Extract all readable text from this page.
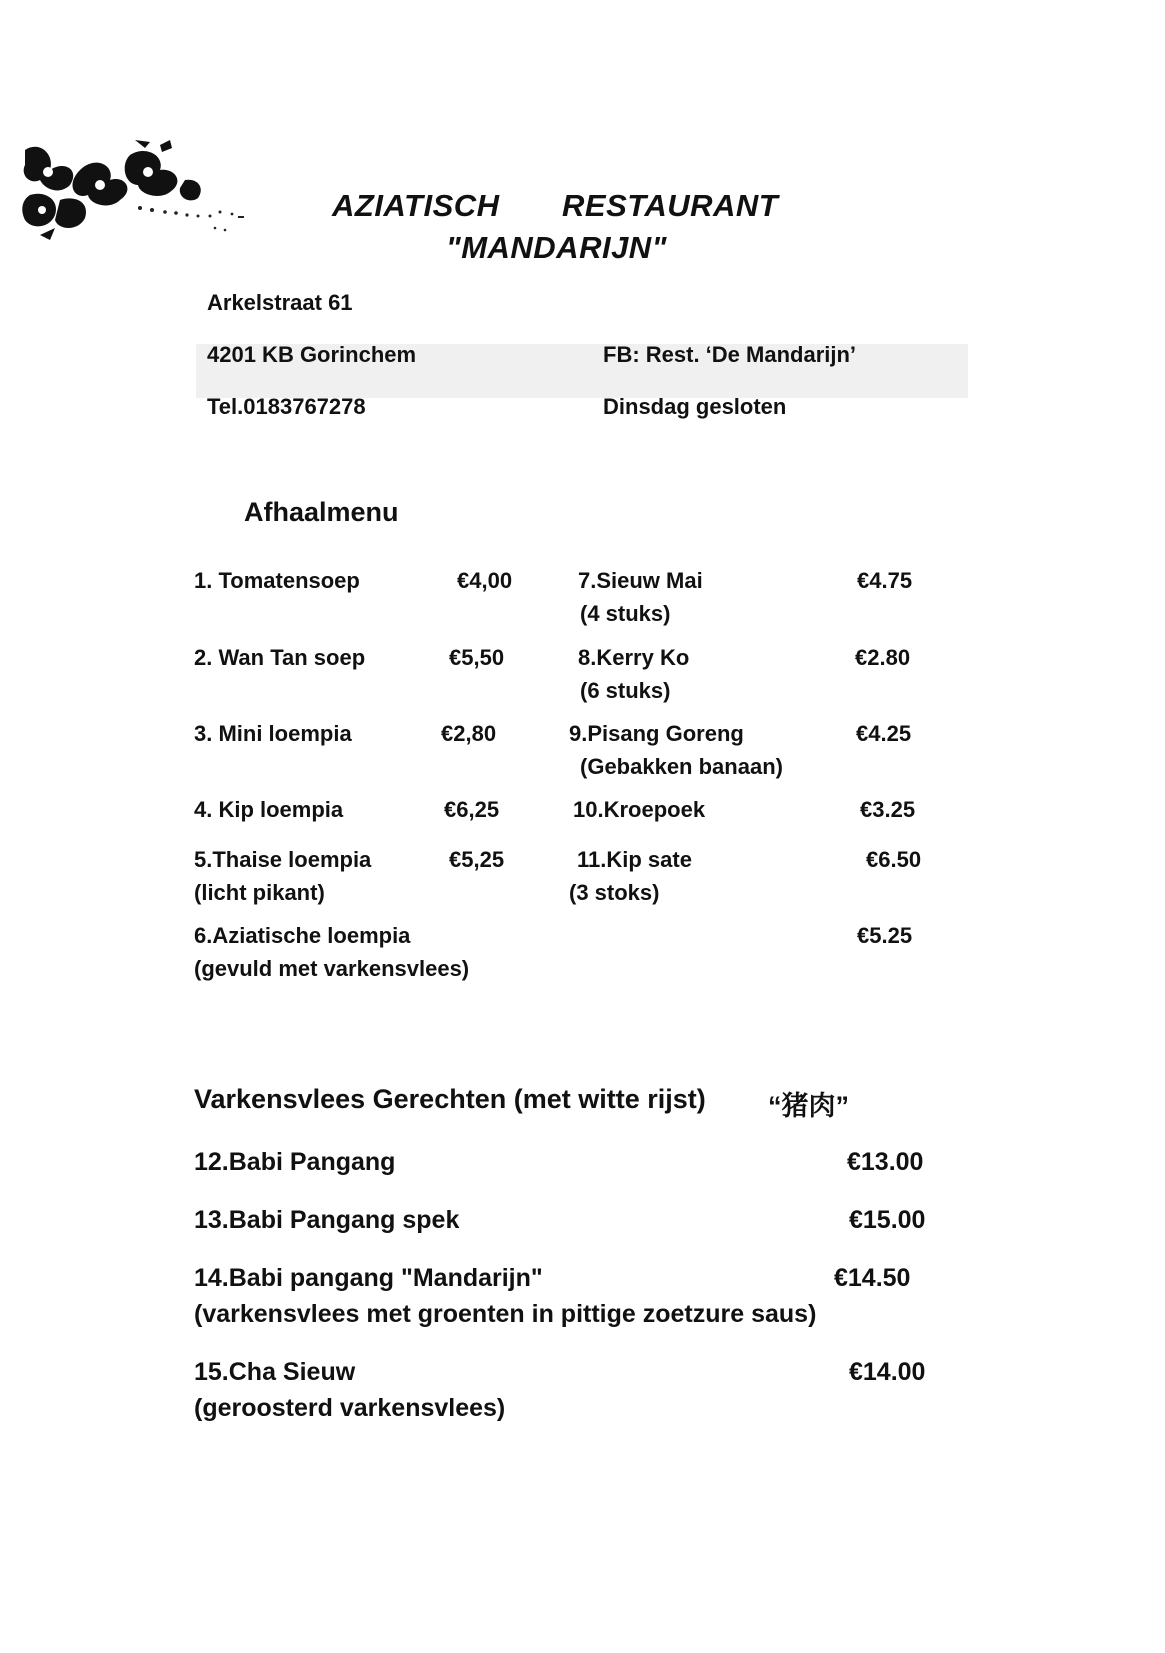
AZIATISCH RESTAURANT
"MANDARIJN"
Arkelstraat 61
4201 KB Gorinchem	FB: Rest. ‘De Mandarijn’
Tel.0183767278	Dinsdag gesloten
Afhaalmenu
1. Tomatensoep	€4,00
2. Wan Tan soep	€5,50
3. Mini loempia	€2,80
4. Kip loempia	€6,25
5.Thaise loempia	€5,25
(licht pikant)
6.Aziatische loempia	€5.25
(gevuld met varkensvlees)
7.Sieuw Mai	€4.75
(4 stuks)
8.Kerry Ko	€2.80
(6 stuks)
9.Pisang Goreng	€4.25
(Gebakken banaan)
10.Kroepoek	€3.25
11.Kip sate	€6.50
(3 stoks)
Varkensvlees Gerechten (met witte rijst) “猪肉”
12.Babi Pangang	€13.00
13.Babi Pangang spek	€15.00
14.Babi pangang "Mandarijn"	€14.50
(varkensvlees met groenten in pittige zoetzure saus)
15.Cha Sieuw	€14.00
(geroosterd varkensvlees)
